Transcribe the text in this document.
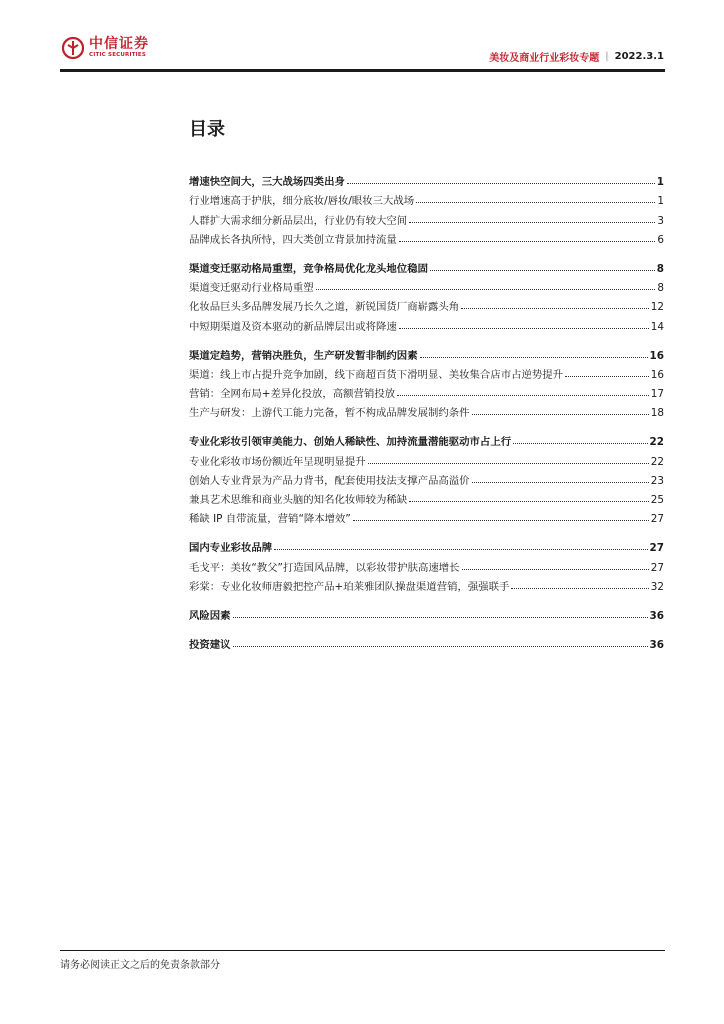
中信证券
CITIC SECURITIES	美妆及商业行业彩妆专题 | 2022.3.1
目录
增速快空间大，三大战场四类出身	1
行业增速高于护肤，细分底妆/唇妆/眼妆三大战场	1
人群扩大需求细分新品层出，行业仍有较大空间	3
品牌成长各执所恃，四大类创立背景加持流量	6
渠道变迁驱动格局重塑，竞争格局优化龙头地位稳固	8
渠道变迁驱动行业格局重塑	8
化妆品巨头多品牌发展乃长久之道，新锐国货厂商崭露头角	12
中短期渠道及资本驱动的新品牌层出或将降速	14
渠道定趋势，营销决胜负，生产研发暂非制约因素	16
渠道：线上市占提升竞争加剧，线下商超百货下滑明显、美妆集合店市占逆势提升	16
营销：全网布局+差异化投放，高额营销投放	17
生产与研发：上游代工能力完备，暂不构成品牌发展制约条件	18
专业化彩妆引领审美能力、创始人稀缺性、加持流量潜能驱动市占上行	22
专业化彩妆市场份额近年呈现明显提升	22
创始人专业背景为产品力背书，配套使用技法支撑产品高溢价	23
兼具艺术思维和商业头脑的知名化妆师较为稀缺	25
稀缺 IP 自带流量，营销“降本增效”	27
国内专业彩妆品牌	27
毛戈平：美妆“教父”打造国风品牌，以彩妆带护肤高速增长	27
彩棠：专业化妆师唐毅把控产品+珀莱雅团队操盘渠道营销，强强联手	32
风险因素	36
投资建议	36
请务必阅读正文之后的免责条款部分
